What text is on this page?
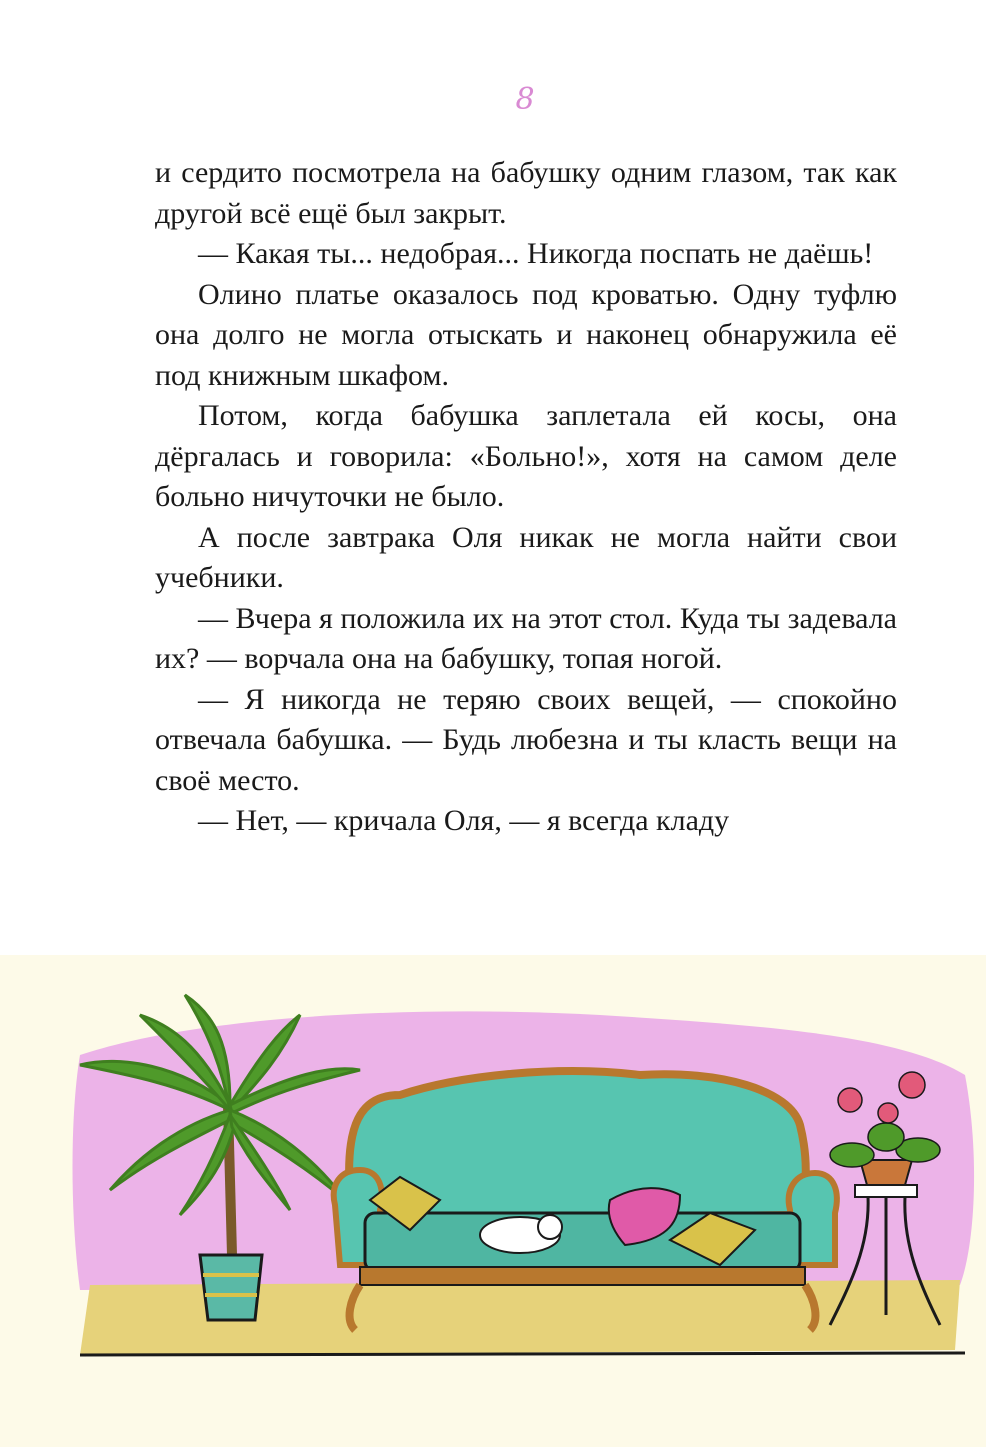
8

и сердито посмотрела на бабушку одним глазом, так как другой всё ещё был закрыт.

— Какая ты... недобрая... Никогда поспать не даёшь!

Олино платье оказалось под кроватью. Одну туфлю она долго не могла отыскать и наконец обнаружила её под книжным шкафом.

Потом, когда бабушка заплетала ей косы, она дёргалась и говорила: «Больно!», хотя на самом деле больно ничуточки не было.

А после завтрака Оля никак не могла найти свои учебники.

— Вчера я положила их на этот стол. Куда ты задевала их? — ворчала она на бабушку, топая ногой.

— Я никогда не теряю своих вещей, — спокойно отвечала бабушка. — Будь любезна и ты класть вещи на своё место.

— Нет, — кричала Оля, — я всегда кладу
